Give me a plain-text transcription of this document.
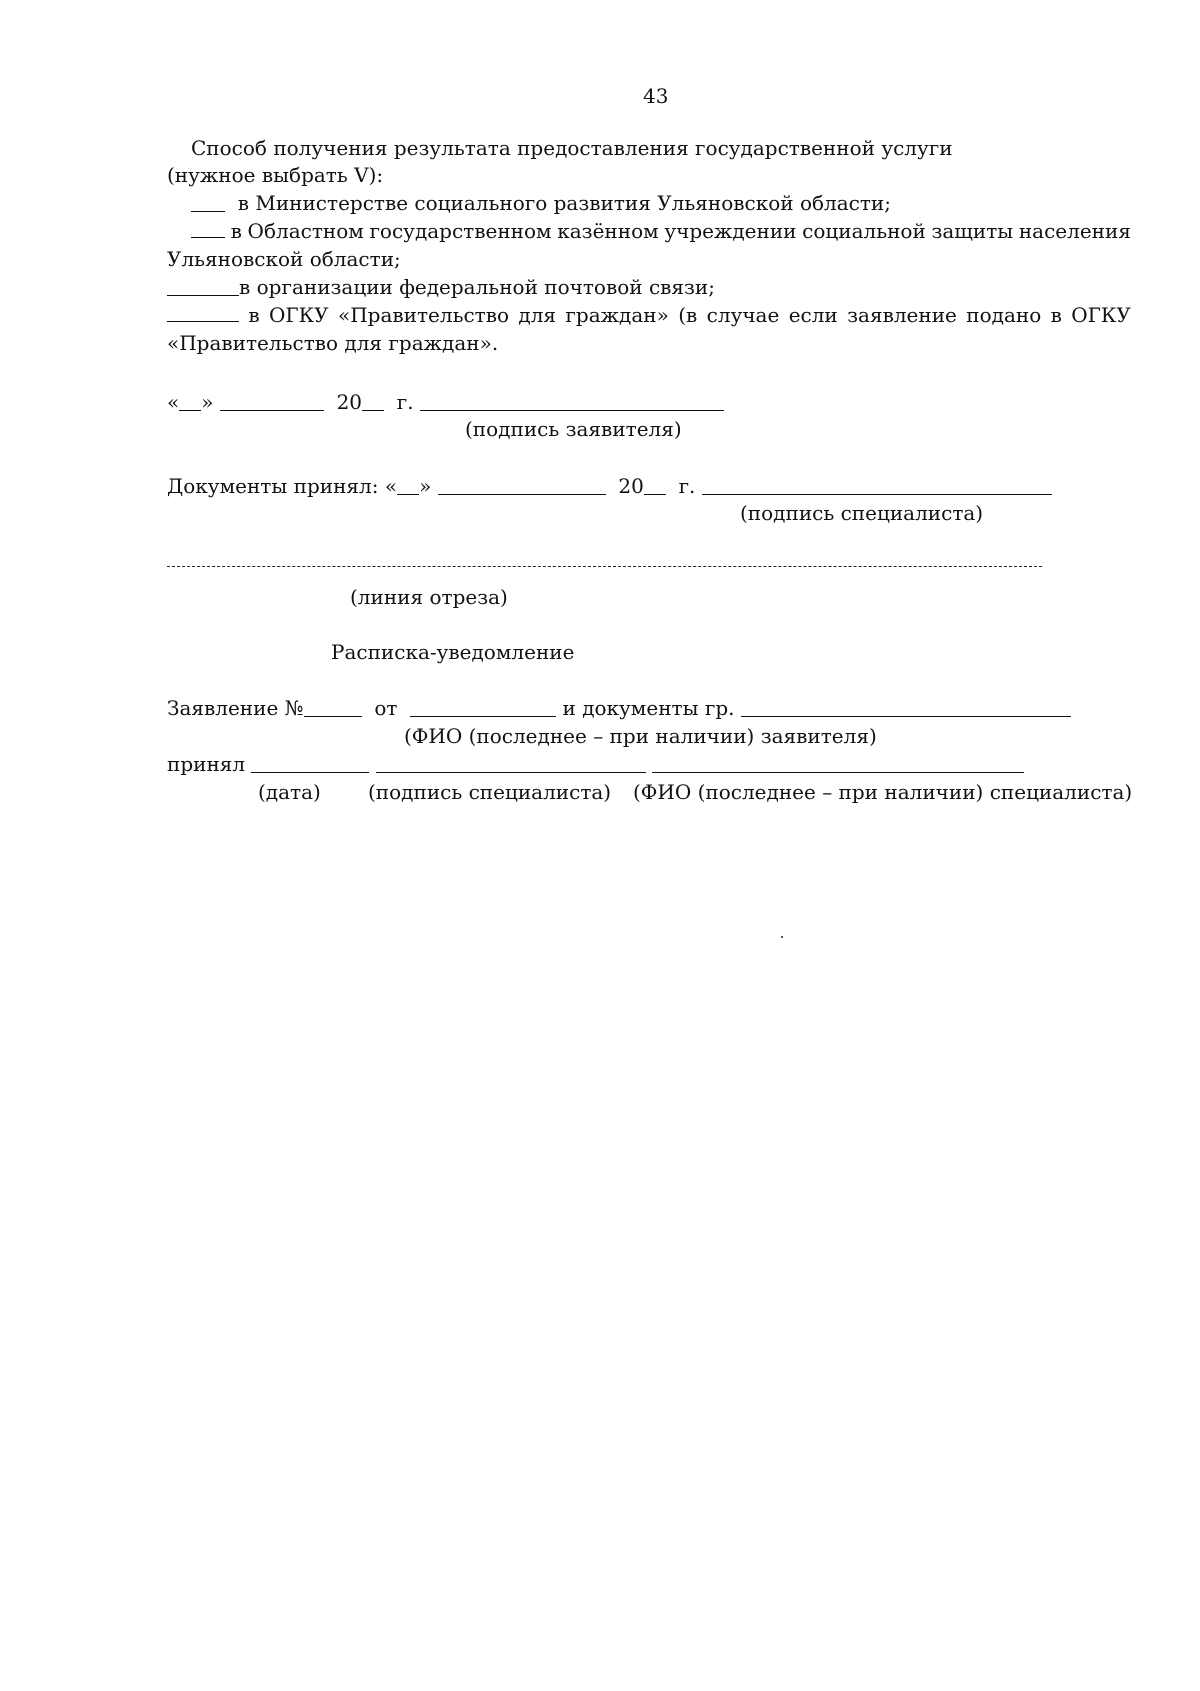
43
Способ получения результата предоставления государственной услуги
(нужное выбрать V):
в Министерстве социального развития Ульяновской области;
в Областном государственном казённом учреждении социальной защиты населения
Ульяновской области;
в организации федеральной почтовой связи;
в ОГКУ «Правительство для граждан» (в случае если заявление подано в ОГКУ
«Правительство для граждан».
« »	20 г.
(подпись заявителя)
Документы принял: « »	20 г.
(подпись специалиста)
(линия отреза)
Расписка-уведомление
Заявление №	от	и документы гр.
(ФИО (последнее – при наличии) заявителя)
принял
(дата) (подпись специалиста) (ФИО (последнее – при наличии) специалиста)
